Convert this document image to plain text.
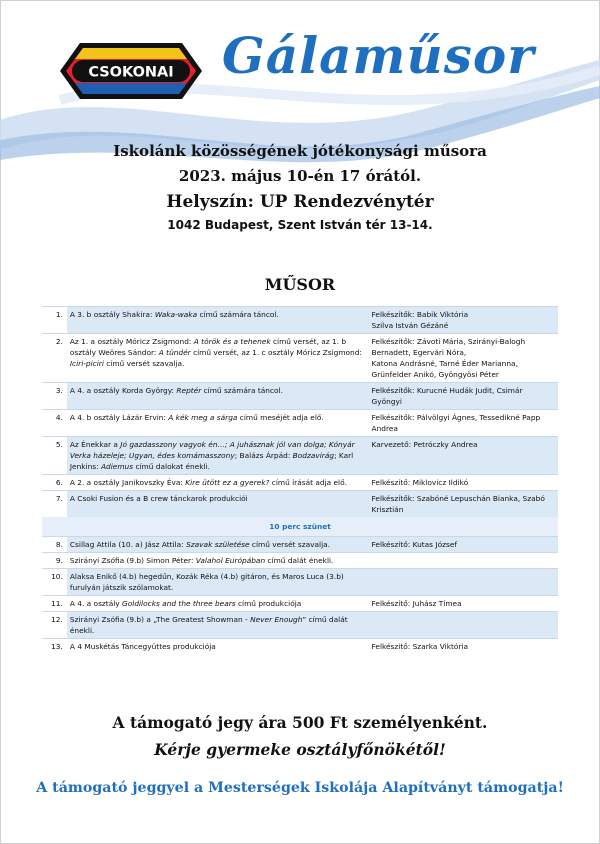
CSOKONAI Gálaműsor
Iskolánk közösségének jótékonysági műsora
2023. május 10-én 17 órától.
Helyszín: UP Rendezvénytér
1042 Budapest, Szent István tér 13-14.
MŰSOR
1.	A 3. b osztály Shakira: Waka-waka című számára táncol.	Felkészítők: Babik Viktória
Szilva István Gézáné
2.	Az 1. a osztály Móricz Zsigmond: A török és a tehenek című versét, az 1. b osztály Weöres Sándor: A tündér című versét, az 1. c osztály Móricz Zsigmond: Iciri-piciri című versét szavalja.	Felkészítők: Závoti Mária, Szirányi-Balogh Bernadett, Egervári Nóra,
Katona Andrásné, Tarné Éder Marianna,
Grünfelder Anikó, Gyöngyösi Péter
3.	A 4. a osztály Korda György: Reptér című számára táncol.	Felkészítők: Kurucné Hudák Judit, Csimár Gyöngyi
4.	A 4. b osztály Lázár Ervin: A kék meg a sárga című meséjét adja elő.	Felkészítők: Pálvölgyi Ágnes, Tessedikné Papp Andrea
5.	Az Énekkar a Jó gazdasszony vagyok én…; A juhásznak jól van dolga; Kónyár Verka házeleje; Ugyan, édes komámasszony; Balázs Árpád: Bodzavirág; Karl Jenkins: Adiemus című dalokat énekli.	Karvezető: Petróczky Andrea
6.	A 2. a osztály Janikovszky Éva: Kire ütött ez a gyerek? című írását adja elő.	Felkészítő: Miklovicz Ildikó
7.	A Csoki Fusion és a B crew tánckarok produkciói	Felkészítők: Szabóné Lepuschán Bianka, Szabó Krisztián
10 perc szünet		
8.	Csillag Attila (10. a) Jász Attila: Szavak születése című versét szavalja.	Felkészítő: Kutas József
9.	Szirányi Zsófia (9.b) Simon Péter: Valahol Európában című dalát énekli.	
10.	Alaksa Enikő (4.b) hegedűn, Kozák Réka (4.b) gitáron, és Maros Luca (3.b) furulyán játszik szólamokat.	
11.	A 4. a osztály Goldilocks and the three bears című produkciója	Felkészítő: Juhász Tímea
12.	Szirányi Zsófia (9.b) a „The Greatest Showman - Never Enough” című dalát énekli.	
13.	A 4 Muskétás Táncegyüttes produkciója	Felkészítő: Szarka Viktória
A támogató jegy ára 500 Ft személyenként.
Kérje gyermeke osztályfőnökétől!
A támogató jeggyel a Mesterségek Iskolája Alapítványt támogatja!
